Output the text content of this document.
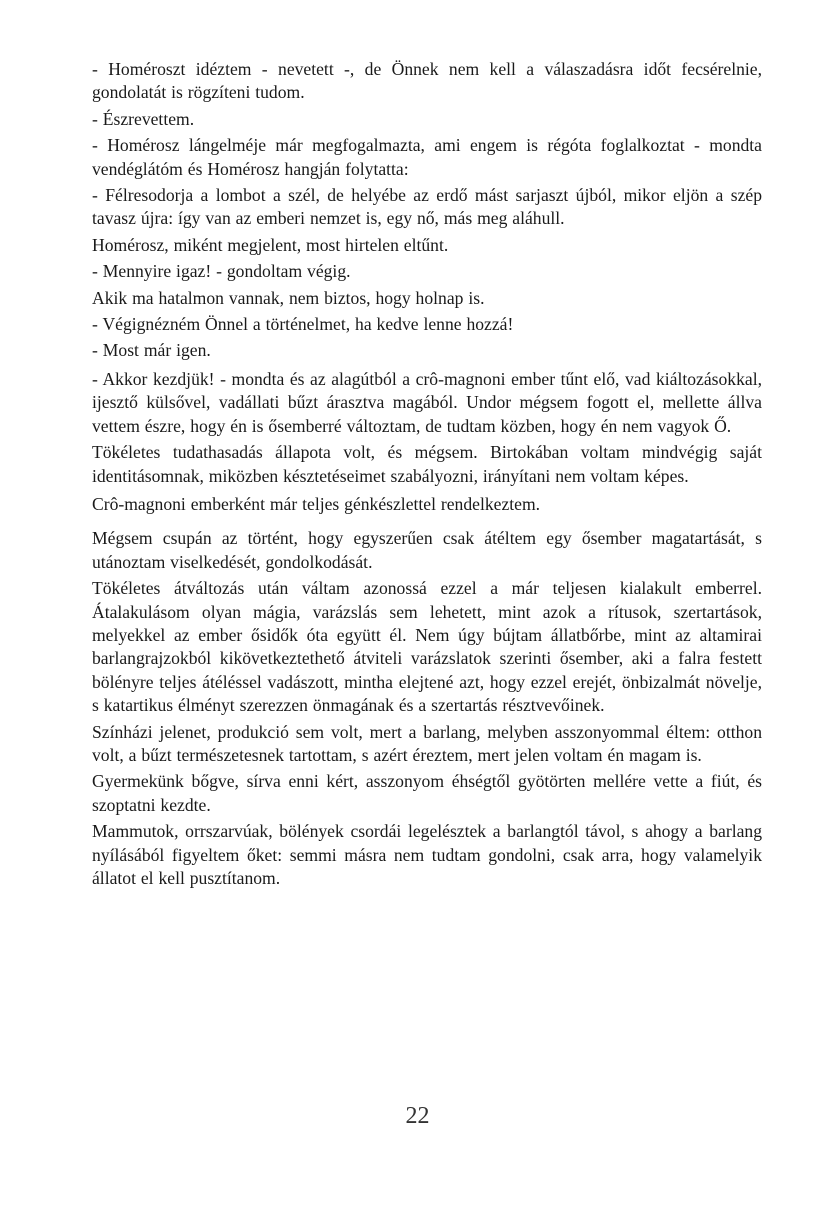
- Homéroszt idéztem - nevetett -, de Önnek nem kell a válaszadásra időt fecsérelnie, gondolatát is rögzíteni tudom.

- Észrevettem.

- Homérosz lángelméje már megfogalmazta, ami engem is régóta foglalkoztat - mondta vendéglátóm és Homérosz hangján folytatta:

- Félresodorja a lombot a szél, de helyébe az erdő mást sarjaszt újból, mikor eljön a szép tavasz újra: így van az emberi nemzet is, egy nő, más meg aláhull.

Homérosz, miként megjelent, most hirtelen eltűnt.

- Mennyire igaz! - gondoltam végig.

Akik ma hatalmon vannak, nem biztos, hogy holnap is.

- Végignézném Önnel a történelmet, ha kedve lenne hozzá!

- Most már igen.

- Akkor kezdjük! - mondta és az alagútból a crô-magnoni ember tűnt elő, vad kiáltozásokkal, ijesztő külsővel, vadállati bűzt árasztva magából. Undor mégsem fogott el, mellette állva vettem észre, hogy én is ősemberré változtam, de tudtam közben, hogy én nem vagyok Ő.

Tökéletes tudathasadás állapota volt, és mégsem. Birtokában voltam mindvégig saját identitásomnak, miközben késztetéseimet szabályozni, irányítani nem voltam képes.

Crô-magnoni emberként már teljes génkészlettel rendelkeztem.

Mégsem csupán az történt, hogy egyszerűen csak átéltem egy ősember magatartását, s utánoztam viselkedését, gondolkodását.

Tökéletes átváltozás után váltam azonossá ezzel a már teljesen kialakult emberrel. Átalakulásom olyan mágia, varázslás sem lehetett, mint azok a rítusok, szertartások, melyekkel az ember ősidők óta együtt él. Nem úgy bújtam állatbőrbe, mint az altamirai barlangrajzokból kikövetkeztethető átviteli varázslatok szerinti ősember, aki a falra festett bölényre teljes átéléssel vadászott, mintha elejtené azt, hogy ezzel erejét, önbizalmát növelje, s katartikus élményt szerezzen önmagának és a szertartás résztvevőinek.

Színházi jelenet, produkció sem volt, mert a barlang, melyben asszonyommal éltem: otthon volt, a bűzt természetesnek tartottam, s azért éreztem, mert jelen voltam én magam is.

Gyermekünk bőgve, sírva enni kért, asszonyom éhségtől gyötörten mellére vette a fiút, és szoptatni kezdte.

Mammutok, orrszarvúak, bölények csordái legelésztek a barlangtól távol, s ahogy a barlang nyílásából figyeltem őket: semmi másra nem tudtam gondolni, csak arra, hogy valamelyik állatot el kell pusztítanom.

22
